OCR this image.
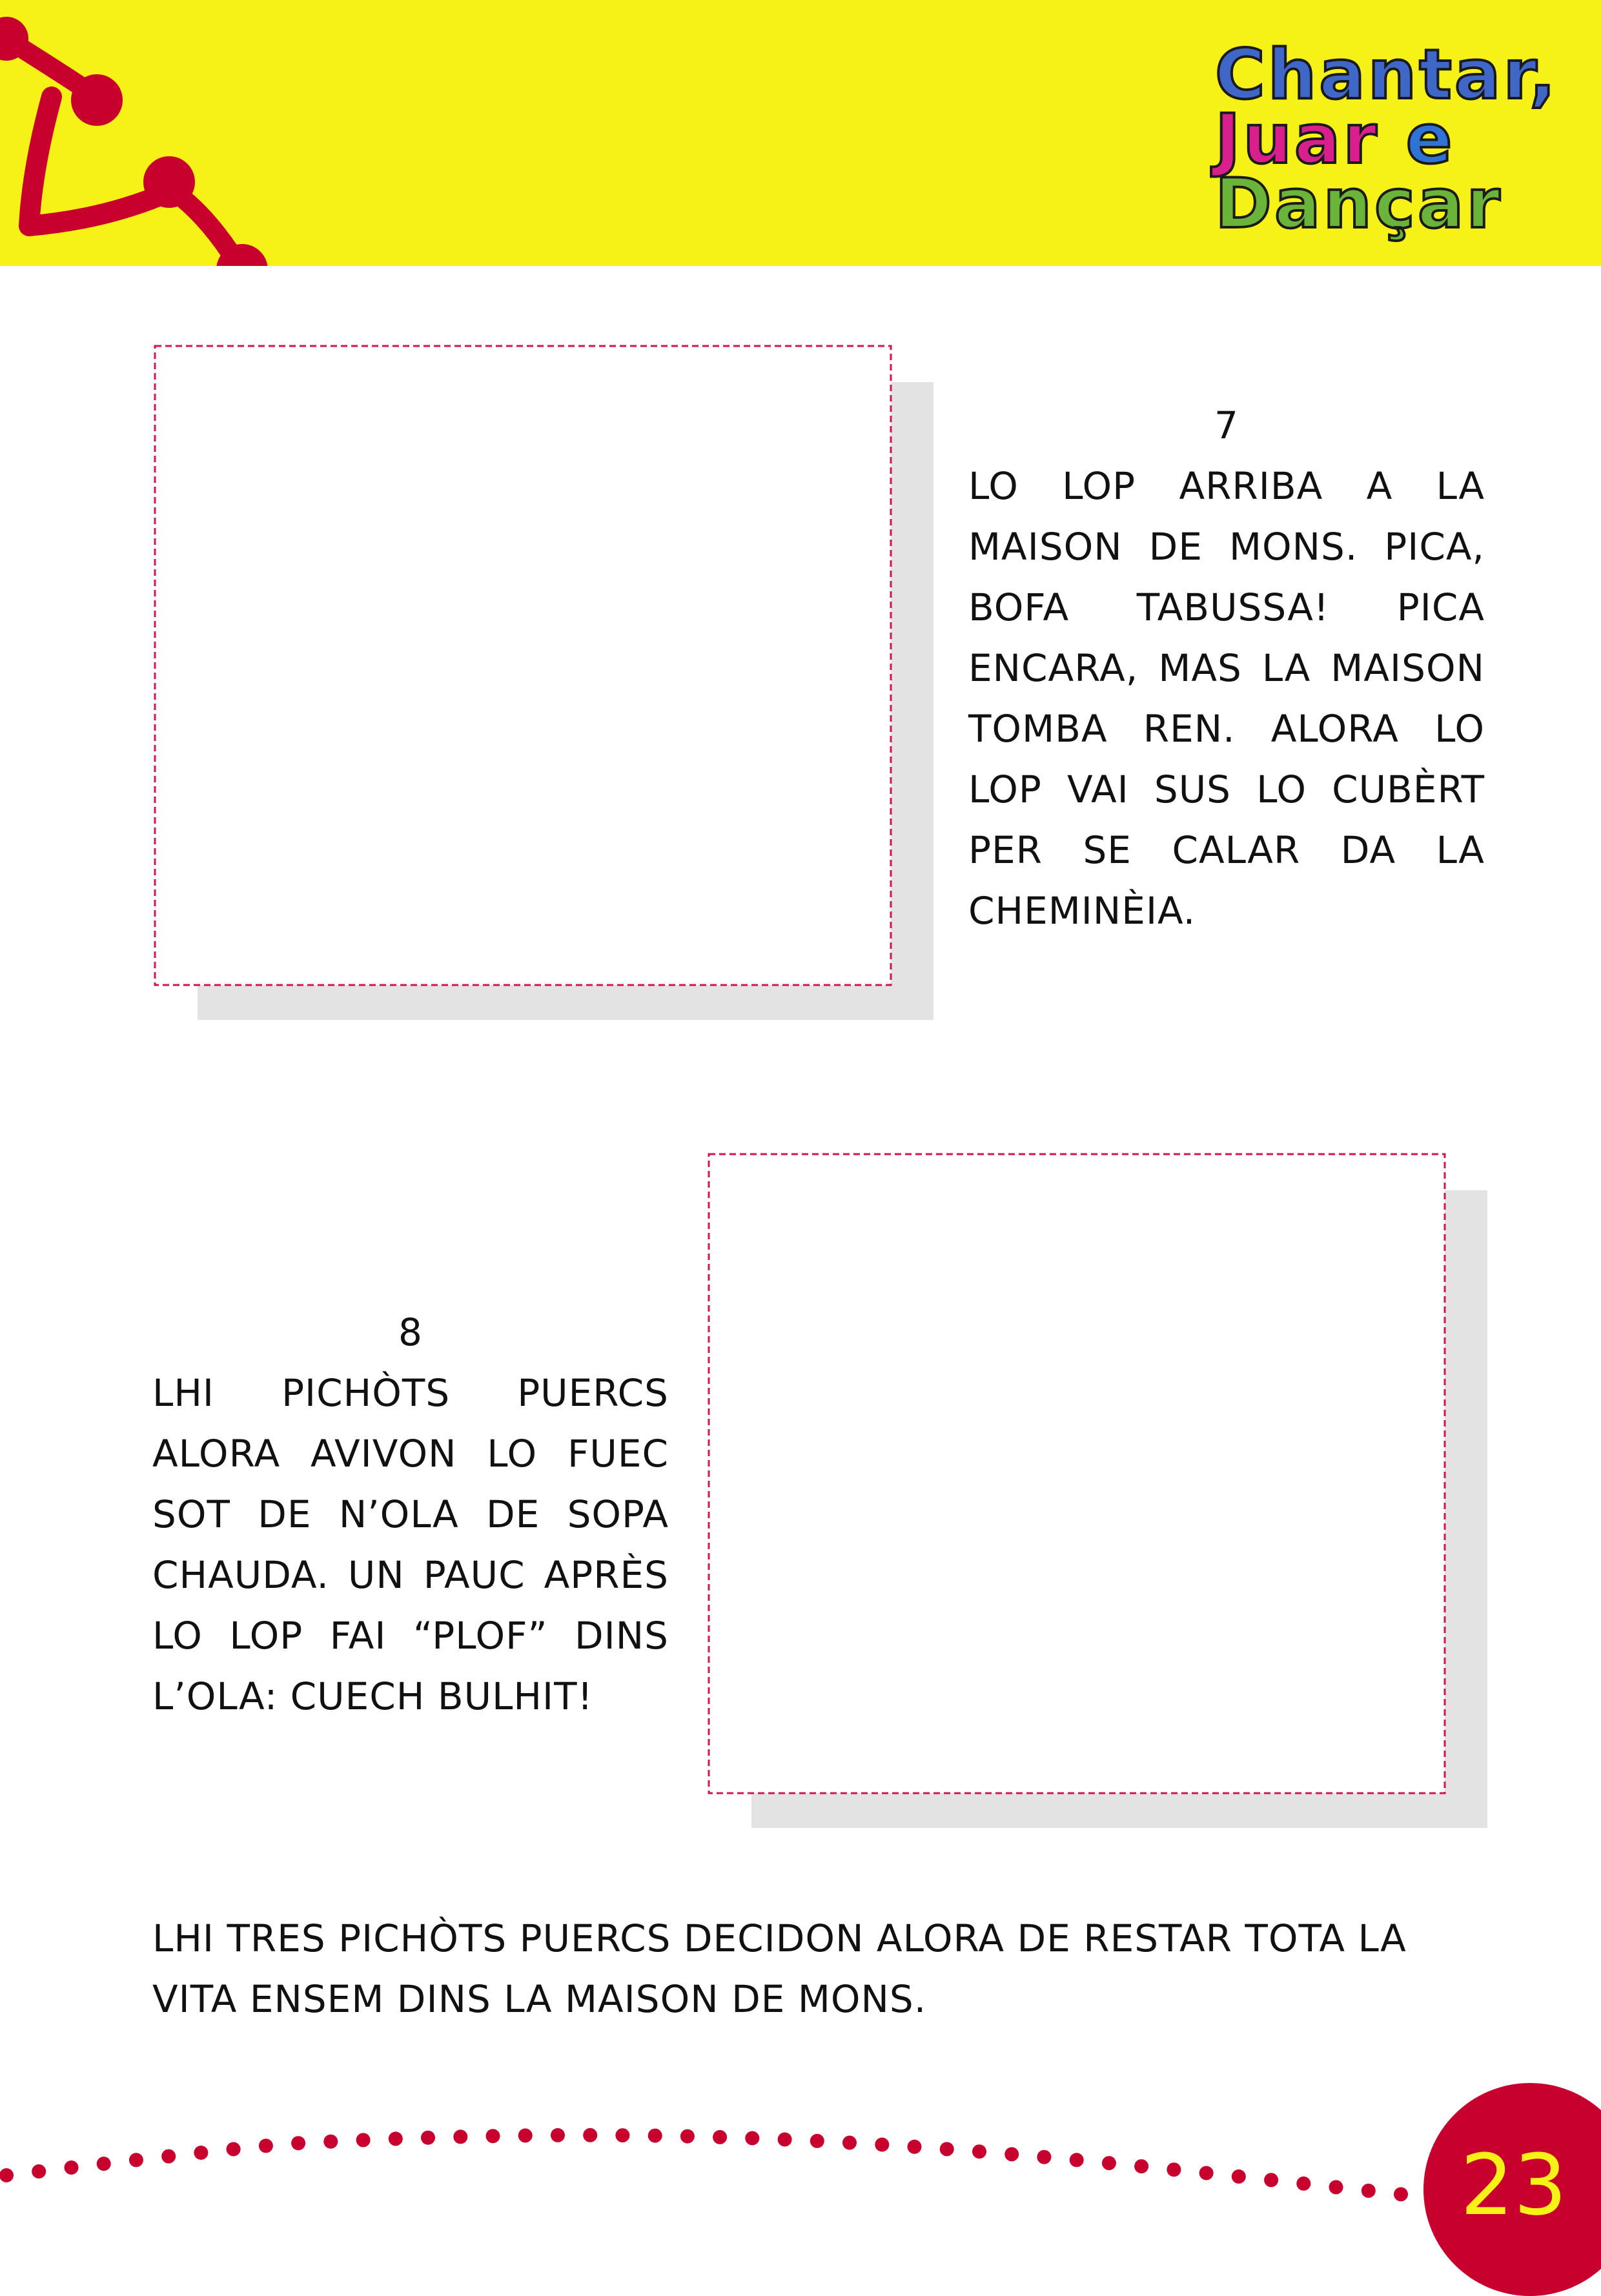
Chantar,
Juar e
Dançar
7
LO LOP ARRIBA A LA MAISON DE MONS. PICA, BOFA TABUSSA! PICA ENCARA, MAS LA MAISON TOMBA REN. ALORA LO LOP VAI SUS LO CUBÈRT PER SE CALAR DA LA CHEMINÈIA.
8
LHI PICHÒTS PUERCS ALORA AVIVON LO FUEC SOT DE N’OLA DE SOPA CHAUDA. UN PAUC APRÈS LO LOP FAI “PLOF” DINS L’OLA: CUECH BULHIT!
LHI TRES PICHÒTS PUERCS DECIDON ALORA DE RESTAR TOTA LA VITA ENSEM DINS LA MAISON DE MONS.
23
